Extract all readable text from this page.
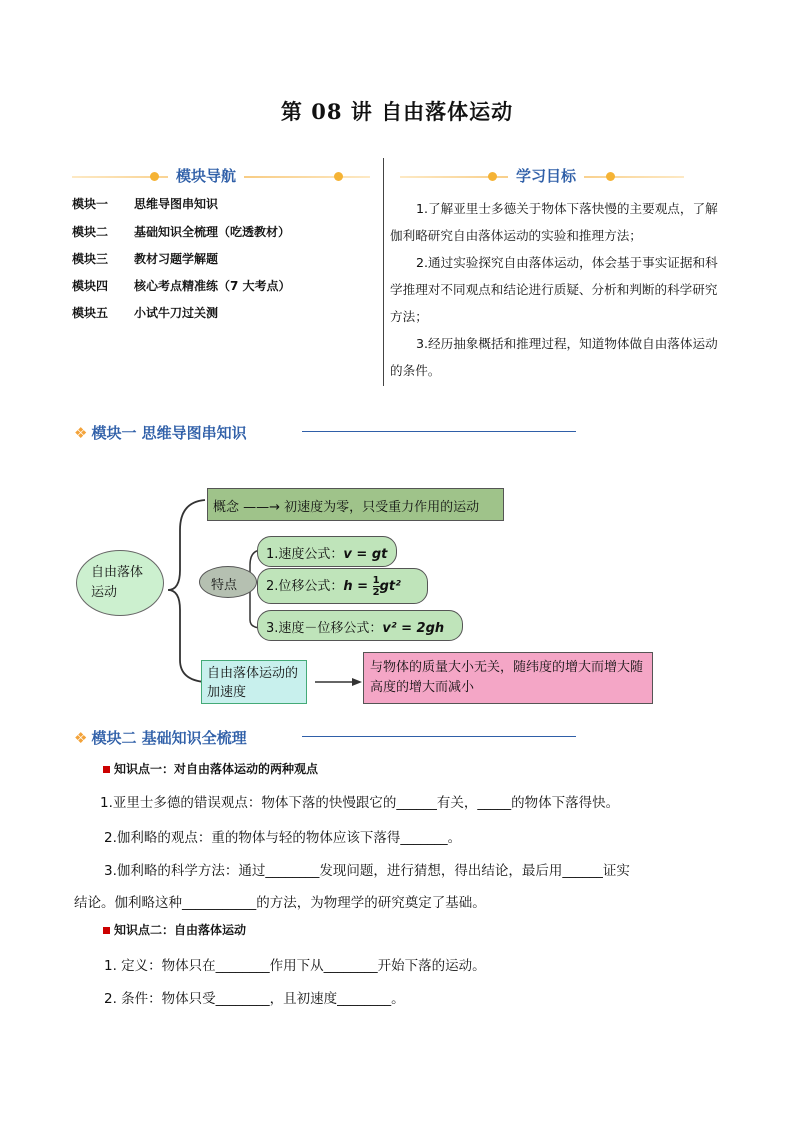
第 08 讲 自由落体运动
模块导航
模块一 思维导图串知识
模块二 基础知识全梳理（吃透教材）
模块三 教材习题学解题
模块四 核心考点精准练（7 大考点）
模块五 小试牛刀过关测
学习目标

1.了解亚里士多德关于物体下落快慢的主要观点，了解伽利略研究自由落体运动的实验和推理方法；

2.通过实验探究自由落体运动，体会基于事实证据和科学推理对不同观点和结论进行质疑、分析和判断的科学研究方法；

3.经历抽象概括和推理过程，知道物体做自由落体运动的条件。

❖ 模块一 思维导图串知识
概念 ——→ 初速度为零，只受重力作用的运动
自由落体运动	特点
1.速度公式：v = gt
2.位移公式：$h = \frac{1}{2} gt^2$
3.速度－位移公式：v² = 2gh
自由落体运动的加速度
与物体的质量大小无关，随纬度的增大而增大随高度的增大而减小
❖ 模块二 基础知识全梳理
知识点一：对自由落体运动的两种观点
1.亚里士多德的错误观点：物体下落的快慢跟它的______有关，_____的物体下落得快。
2.伽利略的观点：重的物体与轻的物体应该下落得_______。
3.伽利略的科学方法：通过________发现问题，进行猜想，得出结论，最后用______证实
结论。伽利略这种___________的方法，为物理学的研究奠定了基础。
知识点二：自由落体运动
1. 定义：物体只在________作用下从________开始下落的运动。
2. 条件：物体只受________，且初速度________。
